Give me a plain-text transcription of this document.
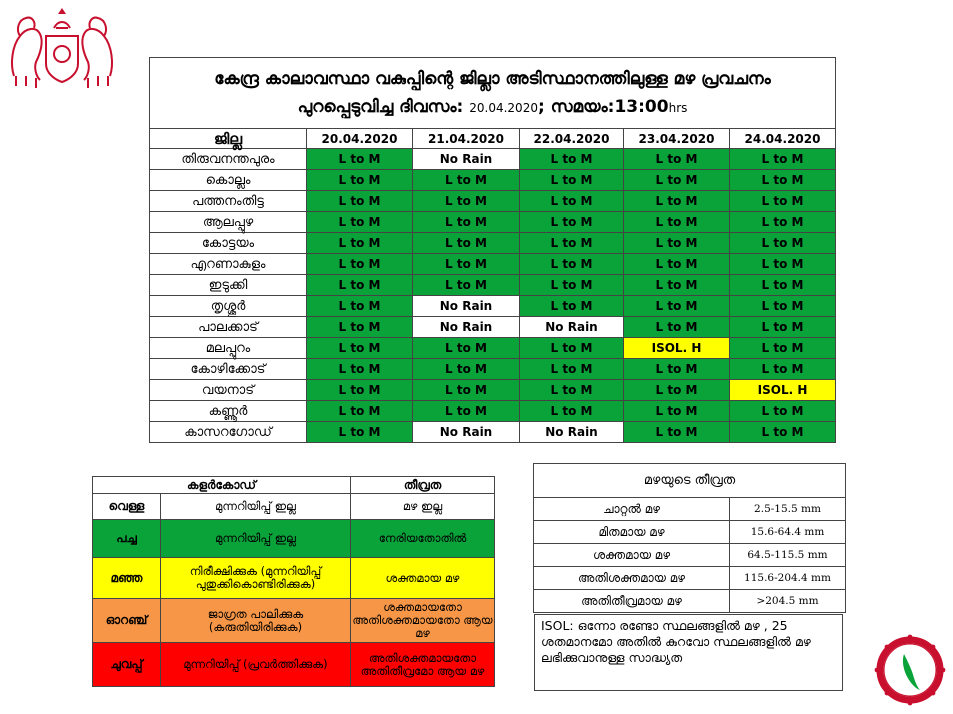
കേന്ദ്ര കാലാവസ്ഥാ വകുപ്പിന്റെ ജില്ലാ അടിസ്ഥാനത്തിലുള്ള മഴ പ്രവചനം
പുറപ്പെടുവിച്ച ദിവസം: 20.04.2020; സമയം:13:00hrs					

ജില്ല	20.04.2020	21.04.2020	22.04.2020	23.04.2020	24.04.2020
തിരുവനന്തപുരം	L to M	No Rain	L to M	L to M	L to M
കൊല്ലം	L to M	L to M	L to M	L to M	L to M
പത്തനംതിട്ട	L to M	L to M	L to M	L to M	L to M
ആലപ്പുഴ	L to M	L to M	L to M	L to M	L to M
കോട്ടയം	L to M	L to M	L to M	L to M	L to M
എറണാകുളം	L to M	L to M	L to M	L to M	L to M
ഇടുക്കി	L to M	L to M	L to M	L to M	L to M
തൃശ്ശൂർ	L to M	No Rain	L to M	L to M	L to M
പാലക്കാട്	L to M	No Rain	No Rain	L to M	L to M
മലപ്പുറം	L to M	L to M	L to M	ISOL. H	L to M
കോഴിക്കോട്	L to M	L to M	L to M	L to M	L to M
വയനാട്	L to M	L to M	L to M	L to M	ISOL. H
കണ്ണൂർ	L to M	L to M	L to M	L to M	L to M
കാസറഗോഡ്	L to M	No Rain	No Rain	L to M	L to M
കളർകോഡ്		തീവ്രത
വെള്ള	മുന്നറിയിപ്പ് ഇല്ല	മഴ ഇല്ല
പച്ച	മുന്നറിയിപ്പ് ഇല്ല	നേരിയതോതിൽ
മഞ്ഞ	നിരീക്ഷിക്കുക (മുന്നറിയിപ്പ് പുതുക്കികൊണ്ടിരിക്കുക)	ശക്തമായ മഴ
ഓറഞ്ച്	ജാഗ്രത പാലിക്കുക (കരുതിയിരിക്കുക)	ശക്തമായതോ അതിശക്തമായതോ ആയ മഴ
ചുവപ്പ്	മുന്നറിയിപ്പ് (പ്രവർത്തിക്കുക)	അതിശക്തമായതോ അതിതീവ്രമോ ആയ മഴ
മഴയുടെ തീവ്രത	
ചാറ്റൽ മഴ	2.5-15.5 mm
മിതമായ മഴ	15.6-64.4 mm
ശക്തമായ മഴ	64.5-115.5 mm
അതിശക്തമായ മഴ	115.6-204.4 mm
അതിതീവ്രമായ മഴ	>204.5 mm
ISOL: ഒന്നോ രണ്ടോ സ്ഥലങ്ങളിൽ മഴ , 25 ശതമാനമോ അതിൽ കുറവോ സ്ഥലങ്ങളിൽ മഴ ലഭിക്കുവാനുള്ള സാദ്ധ്യത
